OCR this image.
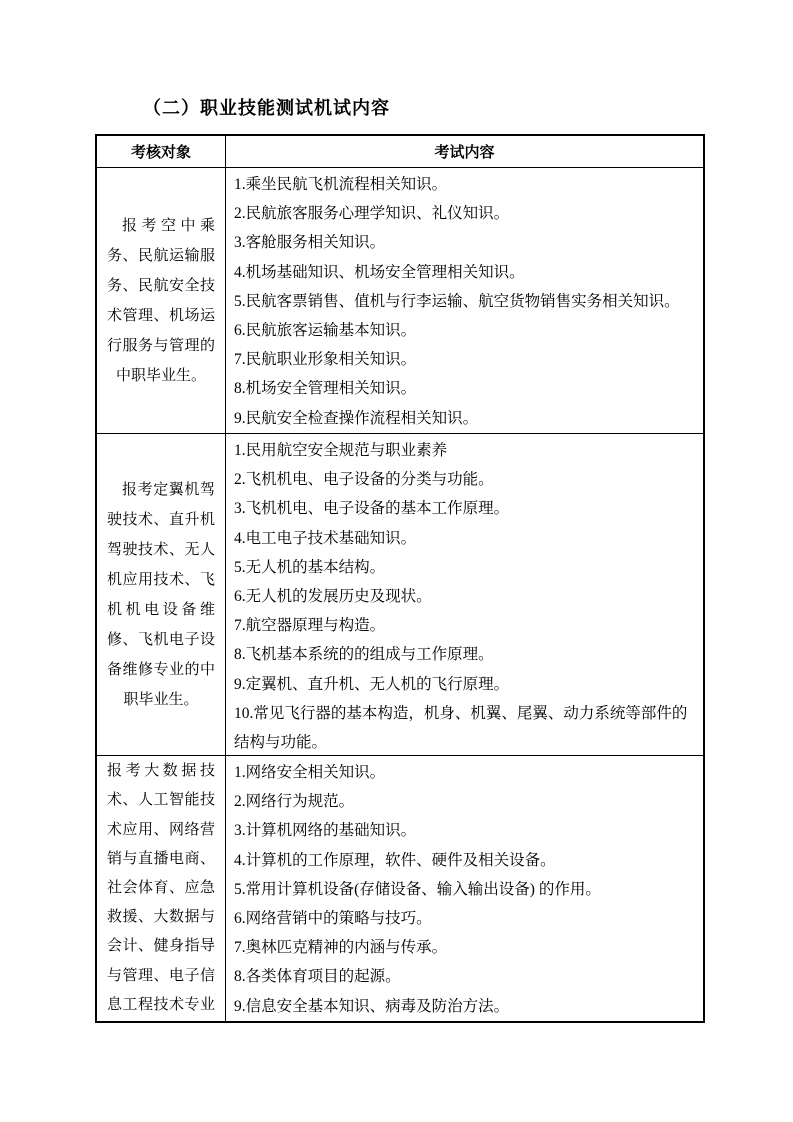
（二）职业技能测试机试内容
考核对象	考试内容
报考空中乘务、民航运输服务、民航安全技术管理、机场运行服务与管理的中职毕业生。
1.乘坐民航飞机流程相关知识。
2.民航旅客服务心理学知识、礼仪知识。
3.客舱服务相关知识。
4.机场基础知识、机场安全管理相关知识。
5.民航客票销售、值机与行李运输、航空货物销售实务相关知识。
6.民航旅客运输基本知识。
7.民航职业形象相关知识。
8.机场安全管理相关知识。
9.民航安全检查操作流程相关知识。
报考定翼机驾驶技术、直升机驾驶技术、无人机应用技术、飞机机电设备维修、飞机电子设备维修专业的中职毕业生。
1.民用航空安全规范与职业素养
2.飞机机电、电子设备的分类与功能。
3.飞机机电、电子设备的基本工作原理。
4.电工电子技术基础知识。
5.无人机的基本结构。
6.无人机的发展历史及现状。
7.航空器原理与构造。
8.飞机基本系统的的组成与工作原理。
9.定翼机、直升机、无人机的飞行原理。
10.常见飞行器的基本构造，机身、机翼、尾翼、动力系统等部件的结构与功能。
报考大数据技术、人工智能技术应用、网络营销与直播电商、社会体育、应急救援、大数据与会计、健身指导与管理、电子信息工程技术专业
1.网络安全相关知识。
2.网络行为规范。
3.计算机网络的基础知识。
4.计算机的工作原理，软件、硬件及相关设备。
5.常用计算机设备(存储设备、输入输出设备) 的作用。
6.网络营销中的策略与技巧。
7.奥林匹克精神的内涵与传承。
8.各类体育项目的起源。
9.信息安全基本知识、病毒及防治方法。
